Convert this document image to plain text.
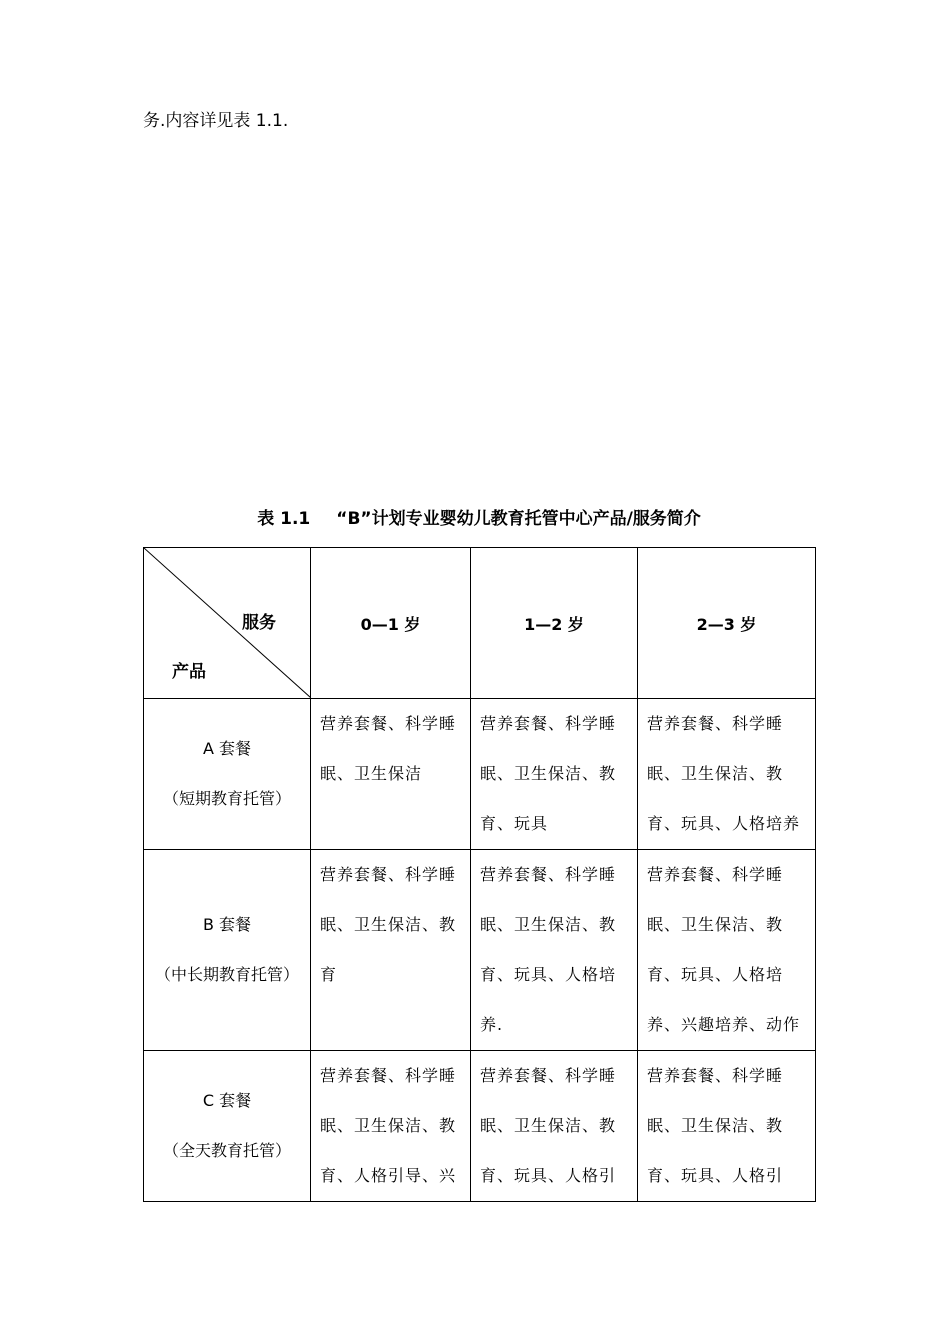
务.内容详见表 1.1.
表 1.1 “B”计划专业婴幼儿教育托管中心产品/服务简介
服务
产品	0—1 岁	1—2 岁	2—3 岁

A 套餐
（短期教育托管）	营养套餐、科学睡眠、卫生保洁	营养套餐、科学睡眠、卫生保洁、教育、玩具	营养套餐、科学睡眠、卫生保洁、教育、玩具、人格培养

B 套餐
（中长期教育托管）	营养套餐、科学睡眠、卫生保洁、教育	营养套餐、科学睡眠、卫生保洁、教育、玩具、人格培养.	营养套餐、科学睡眠、卫生保洁、教育、玩具、人格培养、兴趣培养、动作

C 套餐
（全天教育托管）	营养套餐、科学睡眠、卫生保洁、教育、人格引导、兴	营养套餐、科学睡眠、卫生保洁、教育、玩具、人格引	营养套餐、科学睡眠、卫生保洁、教育、玩具、人格引
